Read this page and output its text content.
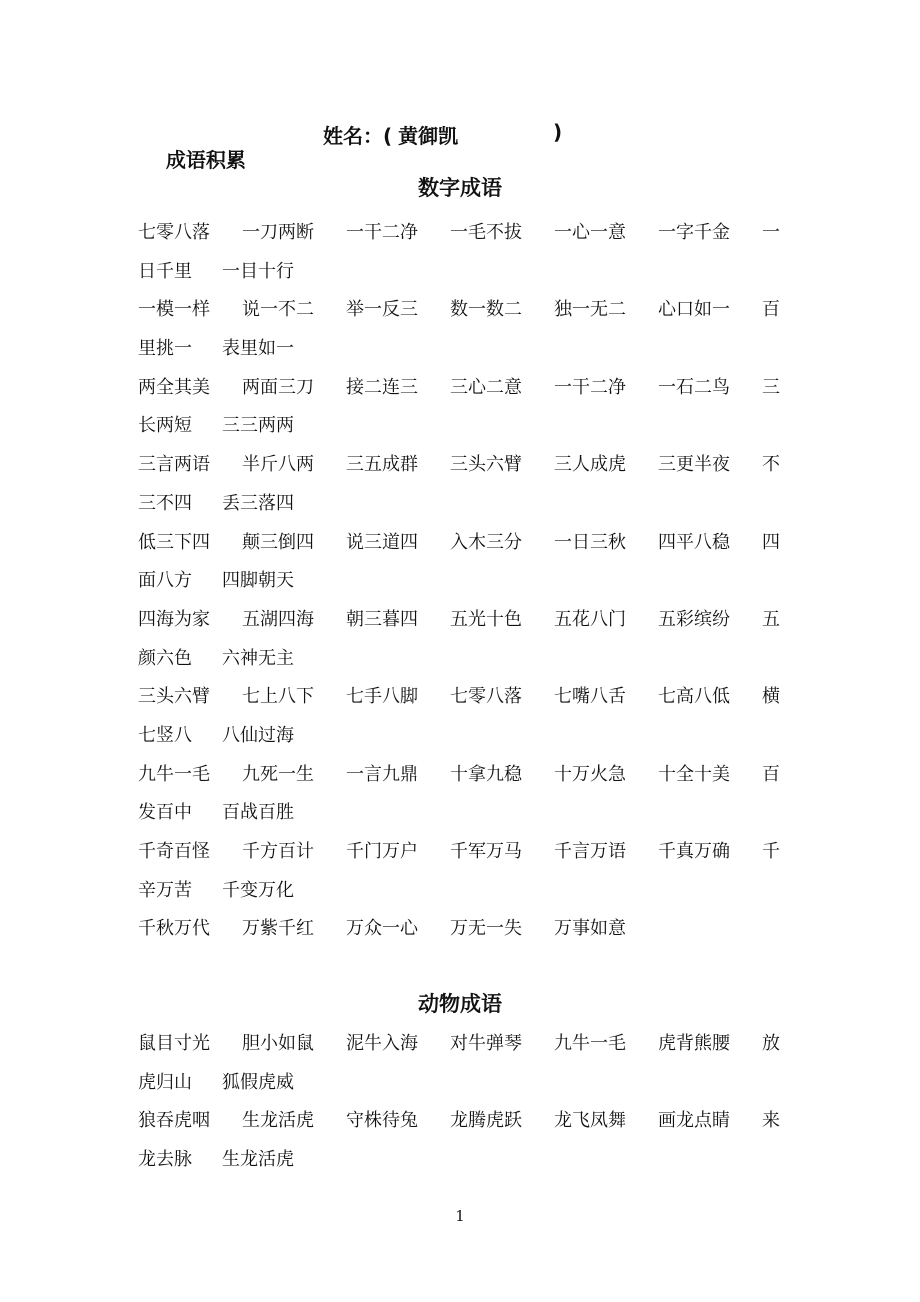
成语积累

姓名：( 黄御凯

	)

数字成语
七零八落 一刀两断 一干二净 一毛不拔 一心一意 一字千金 一
日千里 一目十行
一模一样 说一不二 举一反三 数一数二 独一无二 心口如一 百
里挑一 表里如一
两全其美 两面三刀 接二连三 三心二意 一干二净 一石二鸟 三
长两短 三三两两
三言两语 半斤八两 三五成群 三头六臂 三人成虎 三更半夜 不
三不四 丢三落四
低三下四 颠三倒四 说三道四 入木三分 一日三秋 四平八稳 四
面八方 四脚朝天
四海为家 五湖四海 朝三暮四 五光十色 五花八门 五彩缤纷 五
颜六色 六神无主
三头六臂 七上八下 七手八脚 七零八落 七嘴八舌 七高八低 横
七竖八 八仙过海
九牛一毛 九死一生 一言九鼎 十拿九稳 十万火急 十全十美 百
发百中 百战百胜
千奇百怪 千方百计 千门万户 千军万马 千言万语 千真万确 千
辛万苦 千变万化
千秋万代 万紫千红 万众一心 万无一失 万事如意
动物成语
鼠目寸光 胆小如鼠 泥牛入海 对牛弹琴 九牛一毛 虎背熊腰 放
虎归山 狐假虎威
狼吞虎咽 生龙活虎 守株待兔 龙腾虎跃 龙飞凤舞 画龙点睛 来
龙去脉 生龙活虎
1
